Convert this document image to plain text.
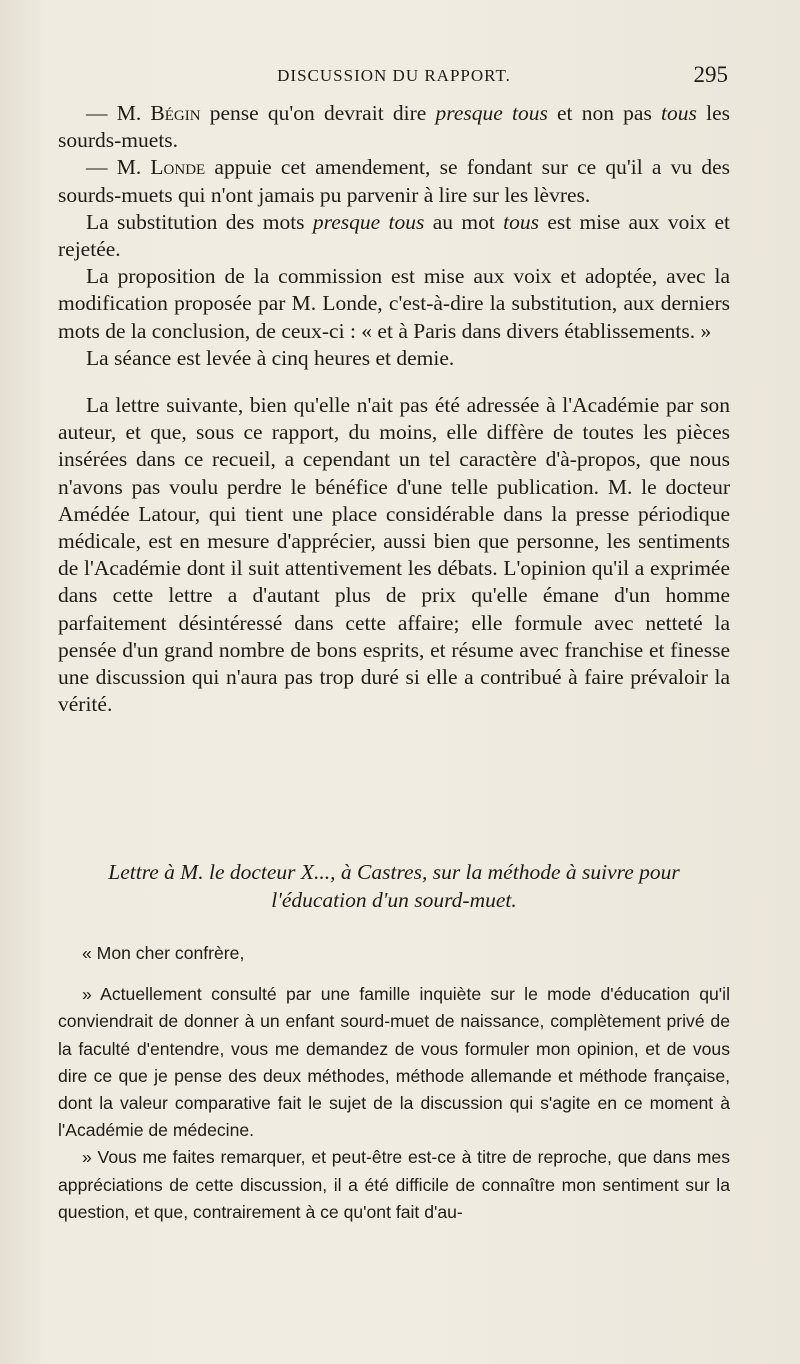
DISCUSSION DU RAPPORT.	295

— M. Bégin pense qu'on devrait dire presque tous et non pas tous les sourds-muets.

— M. Londe appuie cet amendement, se fondant sur ce qu'il a vu des sourds-muets qui n'ont jamais pu parvenir à lire sur les lèvres.

La substitution des mots presque tous au mot tous est mise aux voix et rejetée.

La proposition de la commission est mise aux voix et adoptée, avec la modification proposée par M. Londe, c'est-à-dire la substitution, aux derniers mots de la conclusion, de ceux-ci : « et à Paris dans divers établissements. »

La séance est levée à cinq heures et demie.

La lettre suivante, bien qu'elle n'ait pas été adressée à l'Académie par son auteur, et que, sous ce rapport, du moins, elle diffère de toutes les pièces insérées dans ce recueil, a cependant un tel caractère d'à-propos, que nous n'avons pas voulu perdre le bénéfice d'une telle publication. M. le docteur Amédée Latour, qui tient une place considérable dans la presse périodique médicale, est en mesure d'apprécier, aussi bien que personne, les sentiments de l'Académie dont il suit attentivement les débats. L'opinion qu'il a exprimée dans cette lettre a d'autant plus de prix qu'elle émane d'un homme parfaitement désintéressé dans cette affaire; elle formule avec netteté la pensée d'un grand nombre de bons esprits, et résume avec franchise et finesse une discussion qui n'aura pas trop duré si elle a contribué à faire prévaloir la vérité.

Lettre à M. le docteur X..., à Castres, sur la méthode à suivre pour
l'éducation d'un sourd-muet.

« Mon cher confrère,

» Actuellement consulté par une famille inquiète sur le mode d'éducation qu'il conviendrait de donner à un enfant sourd-muet de naissance, complètement privé de la faculté d'entendre, vous me demandez de vous formuler mon opinion, et de vous dire ce que je pense des deux méthodes, méthode allemande et méthode française, dont la valeur comparative fait le sujet de la discussion qui s'agite en ce moment à l'Académie de médecine.

» Vous me faites remarquer, et peut-être est-ce à titre de reproche, que dans mes appréciations de cette discussion, il a été difficile de connaître mon sentiment sur la question, et que, contrairement à ce qu'ont fait d'au-
